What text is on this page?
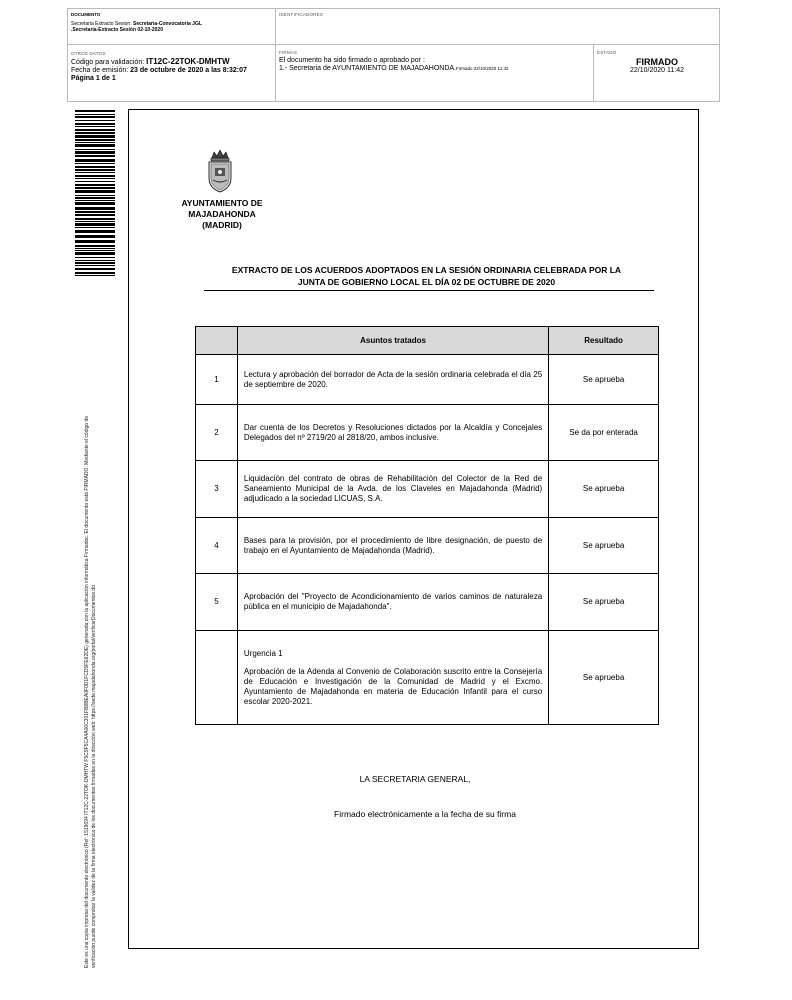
DOCUMENTO
Secretaria Extracto Sesion: Secretaria-Convocatoria JGL
.Secretaria-Extracto Sesión 02-10-2020
IDENTIFICADORES
OTROS DATOS
Código para validación: IT12C-22TOK-DMHTW
Fecha de emisión: 23 de octubre de 2020 a las 8:32:07
Página 1 de 1
FIRMAS
El documento ha sido firmado o aprobado por :
1.- Secretaria de AYUNTAMIENTO DE MAJADAHONDA.Firmado 22/10/2020 11:42
ESTADO
FIRMADO
22/10/2020 11:42
Este es una copia impresa del documento electrónico (Ref: 1519694 IT12C-22TOK-DMHTW F5C9F5CA4A06C301FB8BEA0F0D1FCD5FE62DE) generada con la aplicación informática Firmadoc. El documento está FIRMADO. Mediante el código de verificación puede comprobar la validez de la firma electrónica de los documentos firmados en la dirección web: https://sede.majadahonda.org/portal/verificarDocumentos.do
AYUNTAMIENTO DE
MAJADAHONDA
(MADRID)
EXTRACTO DE LOS ACUERDOS ADOPTADOS EN LA SESIÓN ORDINARIA CELEBRADA POR LA
JUNTA DE GOBIERNO LOCAL EL DÍA 02 DE OCTUBRE DE 2020
	Asuntos tratados	Resultado
1	Lectura y aprobación del borrador de Acta de la sesión ordinaria celebrada el día 25 de septiembre de 2020.	Se aprueba
2	Dar cuenta de los Decretos y Resoluciones dictados por la Alcaldía y Concejales Delegados del nº 2719/20 al 2818/20, ambos inclusive.	Se da por enterada
3	Liquidación del contrato de obras de Rehabilitación del Colector de la Red de Saneamiento Municipal de la Avda. de los Claveles en Majadahonda (Madrid) adjudicado a la sociedad LICUAS, S.A.	Se aprueba
4	Bases para la provisión, por el procedimiento de libre designación, de puesto de trabajo en el Ayuntamiento de Majadahonda (Madrid).	Se aprueba
5	Aprobación del "Proyecto de Acondicionamiento de varios caminos de naturaleza pública en el municipio de Majadahonda".	Se aprueba

	Urgencia 1
Aprobación de la Adenda al Convenio de Colaboración suscrito entre la Consejería de Educación e Investigación de la Comunidad de Madrid y el Excmo. Ayuntamiento de Majadahonda en materia de Educación Infantil para el curso escolar 2020-2021.	Se aprueba
LA SECRETARIA GENERAL,
Firmado electrónicamente a la fecha de su firma
